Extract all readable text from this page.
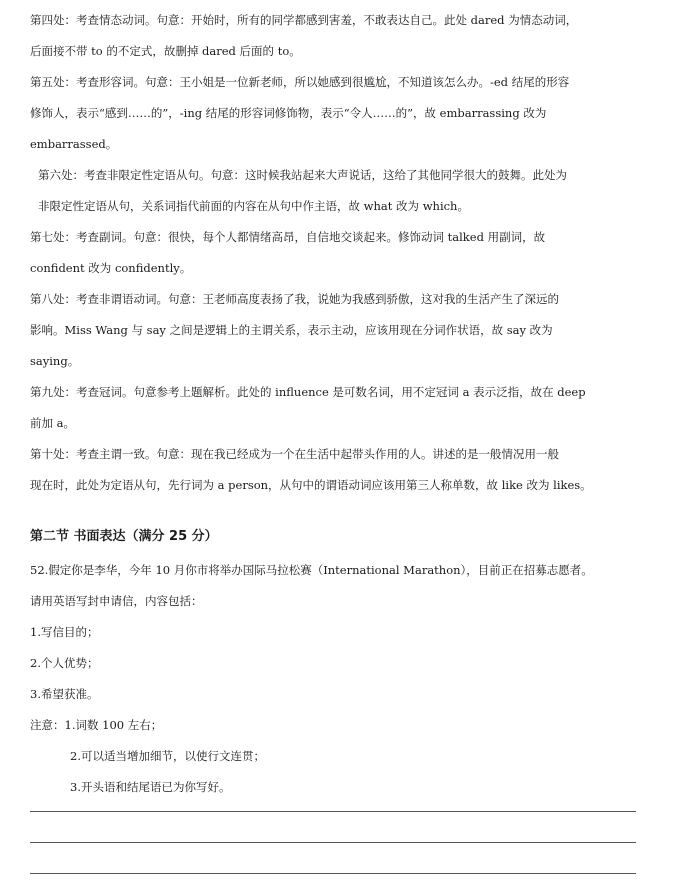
第四处：考查情态动词。句意：开始时，所有的同学都感到害羞，不敢表达自己。此处 dared 为情态动词，
后面接不带 to 的不定式，故删掉 dared 后面的 to。
第五处：考查形容词。句意：王小姐是一位新老师，所以她感到很尴尬，不知道该怎么办。-ed 结尾的形容
修饰人，表示“感到……的”，-ing 结尾的形容词修饰物，表示“令人……的”，故 embarrassing 改为
embarrassed。
第六处：考查非限定性定语从句。句意：这时候我站起来大声说话，这给了其他同学很大的鼓舞。此处为
非限定性定语从句，关系词指代前面的内容在从句中作主语，故 what 改为 which。
第七处：考查副词。句意：很快，每个人都情绪高昂，自信地交谈起来。修饰动词 talked 用副词，故
confident 改为 confidently。
第八处：考查非谓语动词。句意：王老师高度表扬了我，说她为我感到骄傲，这对我的生活产生了深远的
影响。Miss Wang 与 say 之间是逻辑上的主谓关系，表示主动，应该用现在分词作状语，故 say 改为
saying。
第九处：考查冠词。句意参考上题解析。此处的 influence 是可数名词，用不定冠词 a 表示泛指，故在 deep
前加 a。
第十处：考查主谓一致。句意：现在我已经成为一个在生活中起带头作用的人。讲述的是一般情况用一般
现在时，此处为定语从句，先行词为 a person，从句中的谓语动词应该用第三人称单数，故 like 改为 likes。
第二节 书面表达（满分 25 分）
52.假定你是李华，今年 10 月你市将举办国际马拉松赛（International Marathon），目前正在招募志愿者。
请用英语写封申请信，内容包括：
1.写信目的；
2.个人优势；
3.希望获准。
注意：1.词数 100 左右；
2.可以适当增加细节，以使行文连贯；
3.开头语和结尾语已为你写好。
